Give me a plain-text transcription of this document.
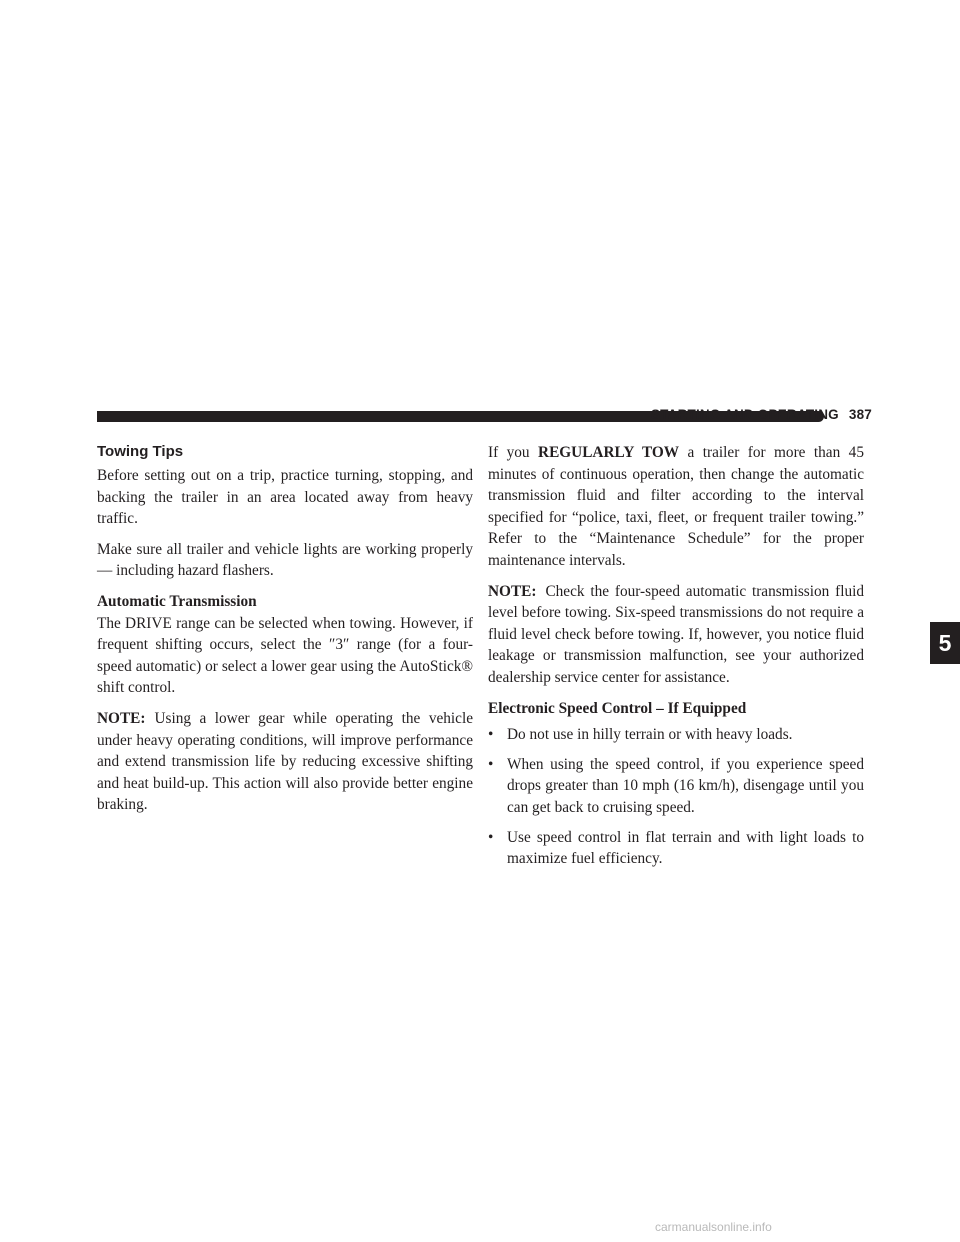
387STARTING AND OPERATING
Towing Tips

Before setting out on a trip, practice turning, stopping, and backing the trailer in an area located away from heavy traffic.

Make sure all trailer and vehicle lights are working properly — including hazard flashers.

Automatic Transmission

The DRIVE range can be selected when towing. However, if frequent shifting occurs, select the ″3″ range (for a four-speed automatic) or select a lower gear using the AutoStick® shift control.

NOTE: Using a lower gear while operating the vehicle under heavy operating conditions, will improve performance and extend transmission life by reducing excessive shifting and heat build-up. This action will also provide better engine braking.

If you REGULARLY TOW a trailer for more than 45 minutes of continuous operation, then change the automatic transmission fluid and filter according to the interval specified for “police, taxi, fleet, or frequent trailer towing.” Refer to the “Maintenance Schedule” for the proper maintenance intervals.

NOTE: Check the four-speed automatic transmission fluid level before towing. Six-speed transmissions do not require a fluid level check before towing. If, however, you notice fluid leakage or transmission malfunction, see your authorized dealership service center for assistance.

Electronic Speed Control – If Equipped
• Do not use in hilly terrain or with heavy loads.
• When using the speed control, if you experience speed drops greater than 10 mph (16 km/h), disengage until you can get back to cruising speed.
• Use speed control in flat terrain and with light loads to maximize fuel efficiency.
5
carmanualsonline.info
